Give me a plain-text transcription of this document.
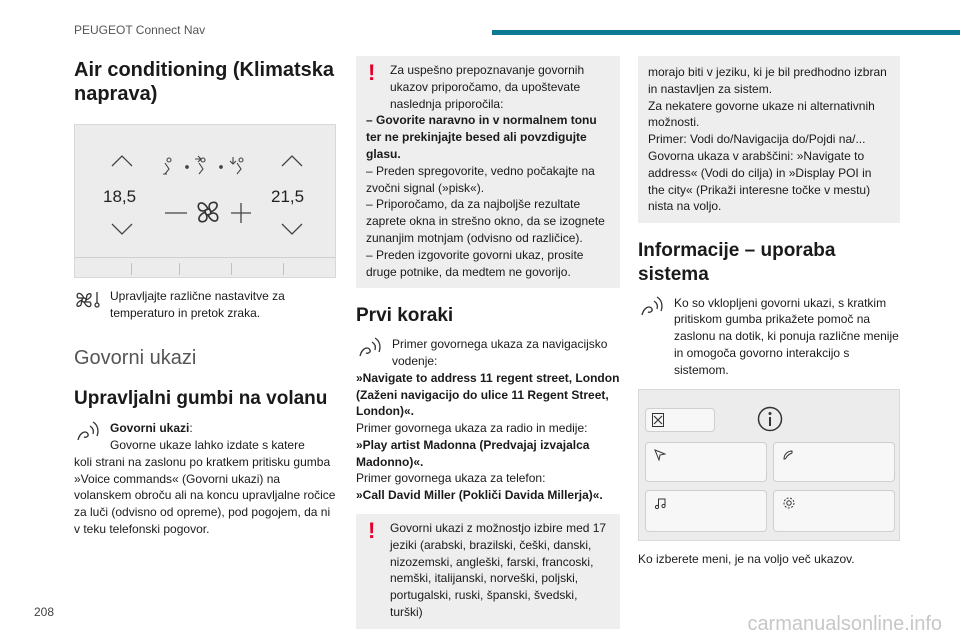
PEUGEOT Connect Nav
Air conditioning (Klimatska naprava)
18,5	21,5

Upravljajte različne nastavitve za temperaturo in pretok zraka.

Govorni ukazi
Upravljalni gumbi na volanu

Govorni ukazi:
Govorne ukaze lahko izdate s katere

koli strani na zaslonu po kratkem pritisku gumba »Voice commands« (Govorni ukazi) na volanskem obroču ali na koncu upravljalne ročice za luči (odvisno od opreme), pod pogojem, da ni v teku telefonski pogovor.

!	Za uspešno prepoznavanje govornih ukazov priporočamo, da upoštevate naslednja priporočila:

– Govorite naravno in v normalnem tonu ter ne prekinjajte besed ali povzdigujte glasu.

– Preden spregovorite, vedno počakajte na zvočni signal (»pisk«).

– Priporočamo, da za najboljše rezultate zaprete okna in strešno okno, da se izognete zunanjim motnjam (odvisno od različice).

– Preden izgovorite govorni ukaz, prosite druge potnike, da medtem ne govorijo.

Prvi koraki

Primer govornega ukaza za navigacijsko vodenje:

»Navigate to address 11 regent street, London (Zaženi navigacijo do ulice 11 Regent Street, London)«.

Primer govornega ukaza za radio in medije:

»Play artist Madonna (Predvajaj izvajalca Madonno)«.

Primer govornega ukaza za telefon:

»Call David Miller (Pokliči Davida Millerja)«.

!	Govorni ukazi z možnostjo izbire med 17 jeziki (arabski, brazilski, češki, danski, nizozemski, angleški, farski, francoski, nemški, italijanski, norveški, poljski, portugalski, ruski, španski, švedski, turški)

morajo biti v jeziku, ki je bil predhodno izbran in nastavljen za sistem.

Za nekatere govorne ukaze ni alternativnih možnosti.

Primer: Vodi do/Navigacija do/Pojdi na/... Govorna ukaza v arabščini: »Navigate to address« (Vodi do cilja) in »Display POI in the city« (Prikaži interesne točke v mestu) nista na voljo.

Informacije – uporaba sistema

Ko so vklopljeni govorni ukazi, s kratkim pritiskom gumba prikažete pomoč na zaslonu na dotik, ki ponuja različne menije in omogoča govorno interakcijo s sistemom.

Ko izberete meni, je na voljo več ukazov.

208
carmanualsonline.info
